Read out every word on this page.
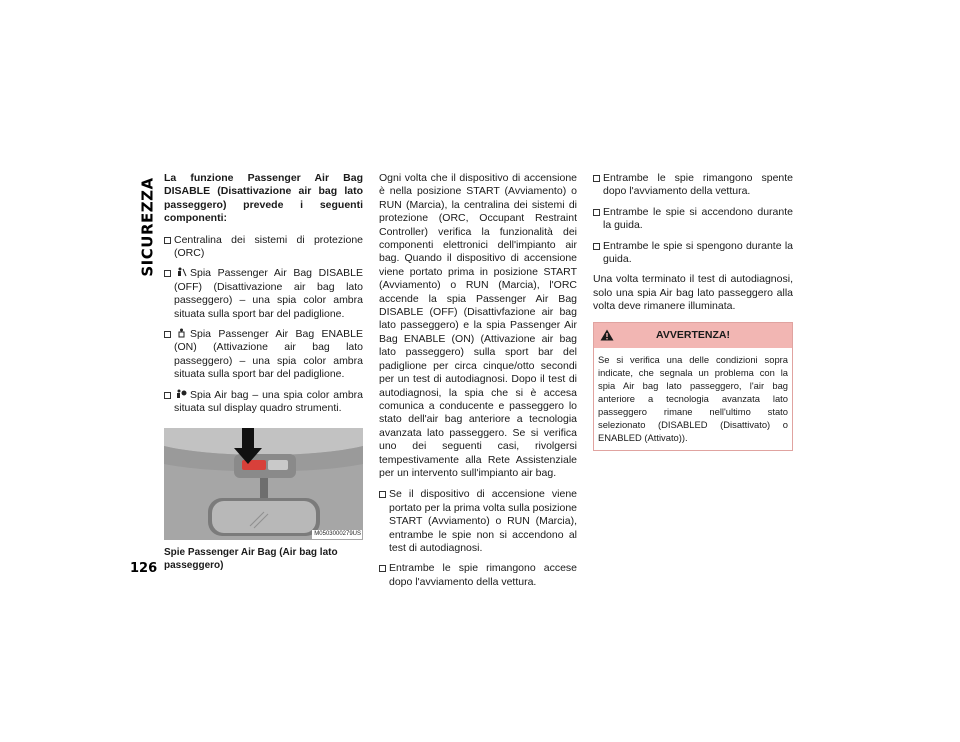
SICUREZZA
126

La funzione Passenger Air Bag DISABLE (Disattivazione air bag lato passeggero) prevede i seguenti componenti:

Centralina dei sistemi di protezione (ORC)
Spia Passenger Air Bag DISABLE (OFF) (Disattivazione air bag lato passeggero) – una spia color ambra situata sulla sport bar del padiglione.
Spia Passenger Air Bag ENABLE (ON) (Attivazione air bag lato passeggero) – una spia color ambra situata sulla sport bar del padiglione.
Spia Air bag – una spia color ambra situata sul display quadro strumenti.
M0503000279US
Spie Passenger Air Bag (Air bag lato passeggero)

Ogni volta che il dispositivo di accensione è nella posizione START (Avviamento) o RUN (Marcia), la centralina dei sistemi di protezione (ORC, Occupant Restraint Controller) verifica la funzionalità dei componenti elettronici dell'impianto air bag. Quando il dispositivo di accensione viene portato prima in posizione START (Avviamento) o RUN (Marcia), l'ORC accende la spia Passenger Air Bag DISABLE (OFF) (Disattivfazione air bag lato passeggero) e la spia Passenger Air Bag ENABLE (ON) (Attivazione air bag lato passeggero) sulla sport bar del padiglione per circa cinque/otto secondi per un test di autodiagnosi. Dopo il test di autodiagnosi, la spia che si è accesa comunica a conducente e passeggero lo stato dell'air bag anteriore a tecnologia avanzata lato passeggero. Se si verifica uno dei seguenti casi, rivolgersi tempestivamente alla Rete Assistenziale per un intervento sull'impianto air bag.

Se il dispositivo di accensione viene portato per la prima volta sulla posizione START (Avviamento) o RUN (Marcia), entrambe le spie non si accendono al test di autodiagnosi.
Entrambe le spie rimangono accese dopo l'avviamento della vettura.
Entrambe le spie rimangono spente dopo l'avviamento della vettura.
Entrambe le spie si accendono durante la guida.
Entrambe le spie si spengono durante la guida.

Una volta terminato il test di autodiagnosi, solo una spia Air bag lato passeggero alla volta deve rimanere illuminata.

AVVERTENZA!
Se si verifica una delle condizioni sopra indicate, che segnala un problema con la spia Air bag lato passeggero, l'air bag anteriore a tecnologia avanzata lato passeggero rimane nell'ultimo stato selezionato (DISABLED (Disattivato) o ENABLED (Attivato)).
